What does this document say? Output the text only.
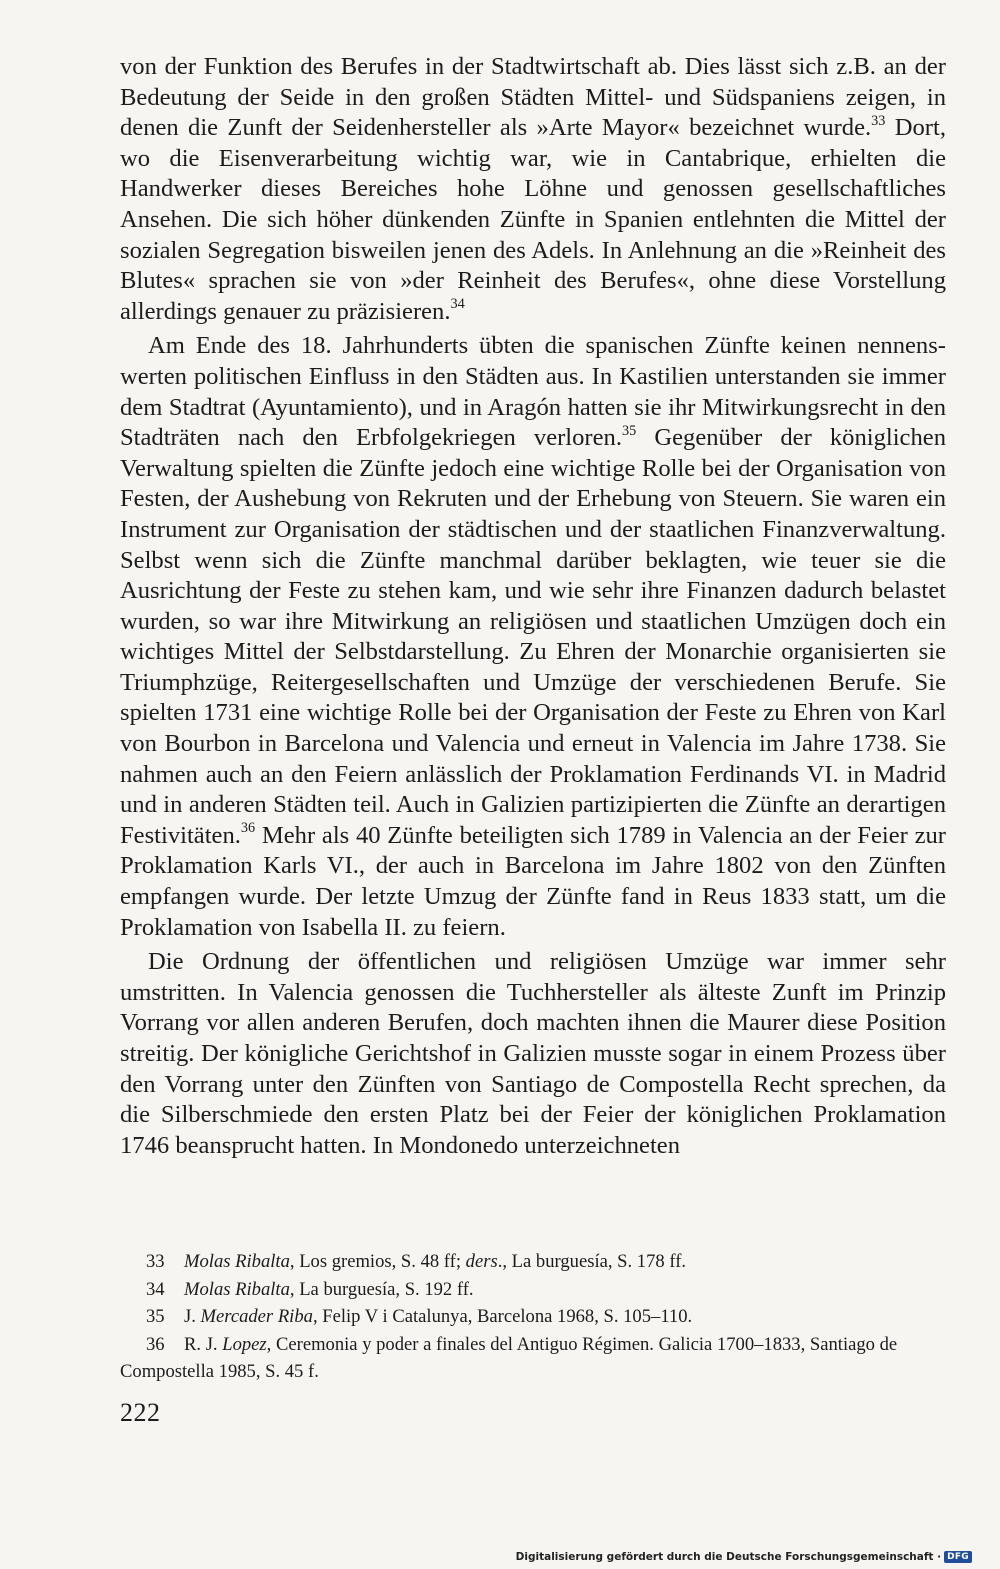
von der Funktion des Berufes in der Stadtwirtschaft ab. Dies lässt sich z.B. an der Bedeutung der Seide in den großen Städten Mittel- und Südspaniens zeigen, in denen die Zunft der Seidenhersteller als »Arte Mayor« bezeichnet wurde.$^{33}$ Dort, wo die Eisenverarbeitung wichtig war, wie in Cantabrique, erhielten die Handwerker dieses Bereiches hohe Löhne und genossen gesellschaftliches Ansehen. Die sich höher dünkenden Zünfte in Spanien entlehnten die Mittel der sozialen Segregation bisweilen jenen des Adels. In Anlehnung an die »Reinheit des Blutes« sprachen sie von »der Reinheit des Berufes«, ohne diese Vorstellung allerdings genauer zu präzisieren.$^{34}$

Am Ende des 18. Jahrhunderts übten die spanischen Zünfte keinen nennenswerten politischen Einfluss in den Städten aus. In Kastilien unterstanden sie immer dem Stadtrat (Ayuntamiento), und in Aragón hatten sie ihr Mitwirkungsrecht in den Stadträten nach den Erbfolgekriegen verloren.$^{35}$ Gegenüber der königlichen Verwaltung spielten die Zünfte jedoch eine wichtige Rolle bei der Organisation von Festen, der Aushebung von Rekruten und der Erhebung von Steuern. Sie waren ein Instrument zur Organisation der städtischen und der staatlichen Finanzverwaltung. Selbst wenn sich die Zünfte manchmal darüber beklagten, wie teuer sie die Ausrichtung der Feste zu stehen kam, und wie sehr ihre Finanzen dadurch belastet wurden, so war ihre Mitwirkung an religiösen und staatlichen Umzügen doch ein wichtiges Mittel der Selbstdarstellung. Zu Ehren der Monarchie organisierten sie Triumphzüge, Reitergesellschaften und Umzüge der verschiedenen Berufe. Sie spielten 1731 eine wichtige Rolle bei der Organisation der Feste zu Ehren von Karl von Bourbon in Barcelona und Valencia und erneut in Valencia im Jahre 1738. Sie nahmen auch an den Feiern anlässlich der Proklamation Ferdinands VI. in Madrid und in anderen Städten teil. Auch in Galizien partizipierten die Zünfte an derartigen Festivitäten.$^{36}$ Mehr als 40 Zünfte beteiligten sich 1789 in Valencia an der Feier zur Proklamation Karls VI., der auch in Barcelona im Jahre 1802 von den Zünften empfangen wurde. Der letzte Umzug der Zünfte fand in Reus 1833 statt, um die Proklamation von Isabella II. zu feiern.

Die Ordnung der öffentlichen und religiösen Umzüge war immer sehr umstritten. In Valencia genossen die Tuchhersteller als älteste Zunft im Prinzip Vorrang vor allen anderen Berufen, doch machten ihnen die Maurer diese Position streitig. Der königliche Gerichtshof in Galizien musste sogar in einem Prozess über den Vorrang unter den Zünften von Santiago de Compostella Recht sprechen, da die Silberschmiede den ersten Platz bei der Feier der königlichen Proklamation 1746 beansprucht hatten. In Mondonedo unterzeichneten

33 Molas Ribalta, Los gremios, S. 48 ff; ders., La burguesía, S. 178 ff.

34 Molas Ribalta, La burguesía, S. 192 ff.

35 J. Mercader Riba, Felip V i Catalunya, Barcelona 1968, S. 105–110.

36 R. J. Lopez, Ceremonia y poder a finales del Antiguo Régimen. Galicia 1700–1833, Santiago de Compostella 1985, S. 45 f.

222
Digitalisierung gefördert durch die Deutsche Forschungsgemeinschaft · DFG
